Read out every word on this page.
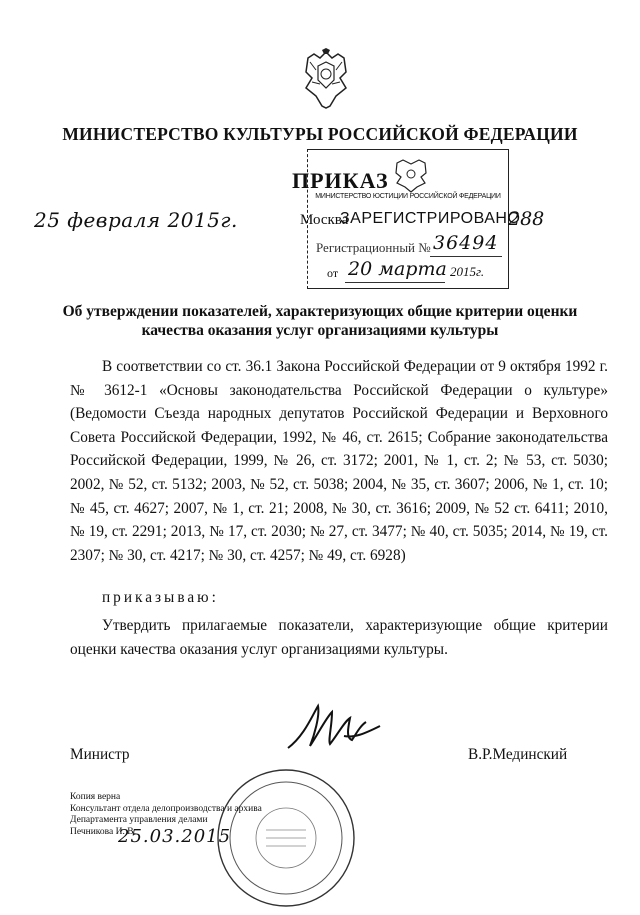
МИНИСТЕРСТВО КУЛЬТУРЫ РОССИЙСКОЙ ФЕДЕРАЦИИ
ПРИКАЗ
МИНИСТЕРСТВО ЮСТИЦИИ РОССИЙСКОЙ ФЕДЕРАЦИИ
Москва
ЗАРЕГИСТРИРОВАНО
Регистрационный № 36494
от 20 марта 2015г.
25 февраля 2015г.	288
Об утверждении показателей, характеризующих общие критерии оценки качества оказания услуг организациями культуры

В соответствии со ст. 36.1 Закона Российской Федерации от 9 октября 1992 г. № 3612-1 «Основы законодательства Российской Федерации о культуре» (Ведомости Съезда народных депутатов Российской Федерации и Верховного Совета Российской Федерации, 1992, № 46, ст. 2615; Собрание законодательства Российской Федерации, 1999, № 26, ст. 3172; 2001, № 1, ст. 2; № 53, ст. 5030; 2002, № 52, ст. 5132; 2003, № 52, ст. 5038; 2004, № 35, ст. 3607; 2006, № 1, ст. 10; № 45, ст. 4627; 2007, № 1, ст. 21; 2008, № 30, ст. 3616; 2009, № 52 ст. 6411; 2010, № 19, ст. 2291; 2013, № 17, ст. 2030; № 27, ст. 3477; № 40, ст. 5035; 2014, № 19, ст. 2307; № 30, ст. 4217; № 30, ст. 4257; № 49, ст. 6928)

приказываю:

Утвердить прилагаемые показатели, характеризующие общие критерии оценки качества оказания услуг организациями культуры.

Министр	В.Р.Мединский
Копия верна
Консультант отдела делопроизводства и архива
Департамента управления делами
Печникова И. В.
25.03.2015
